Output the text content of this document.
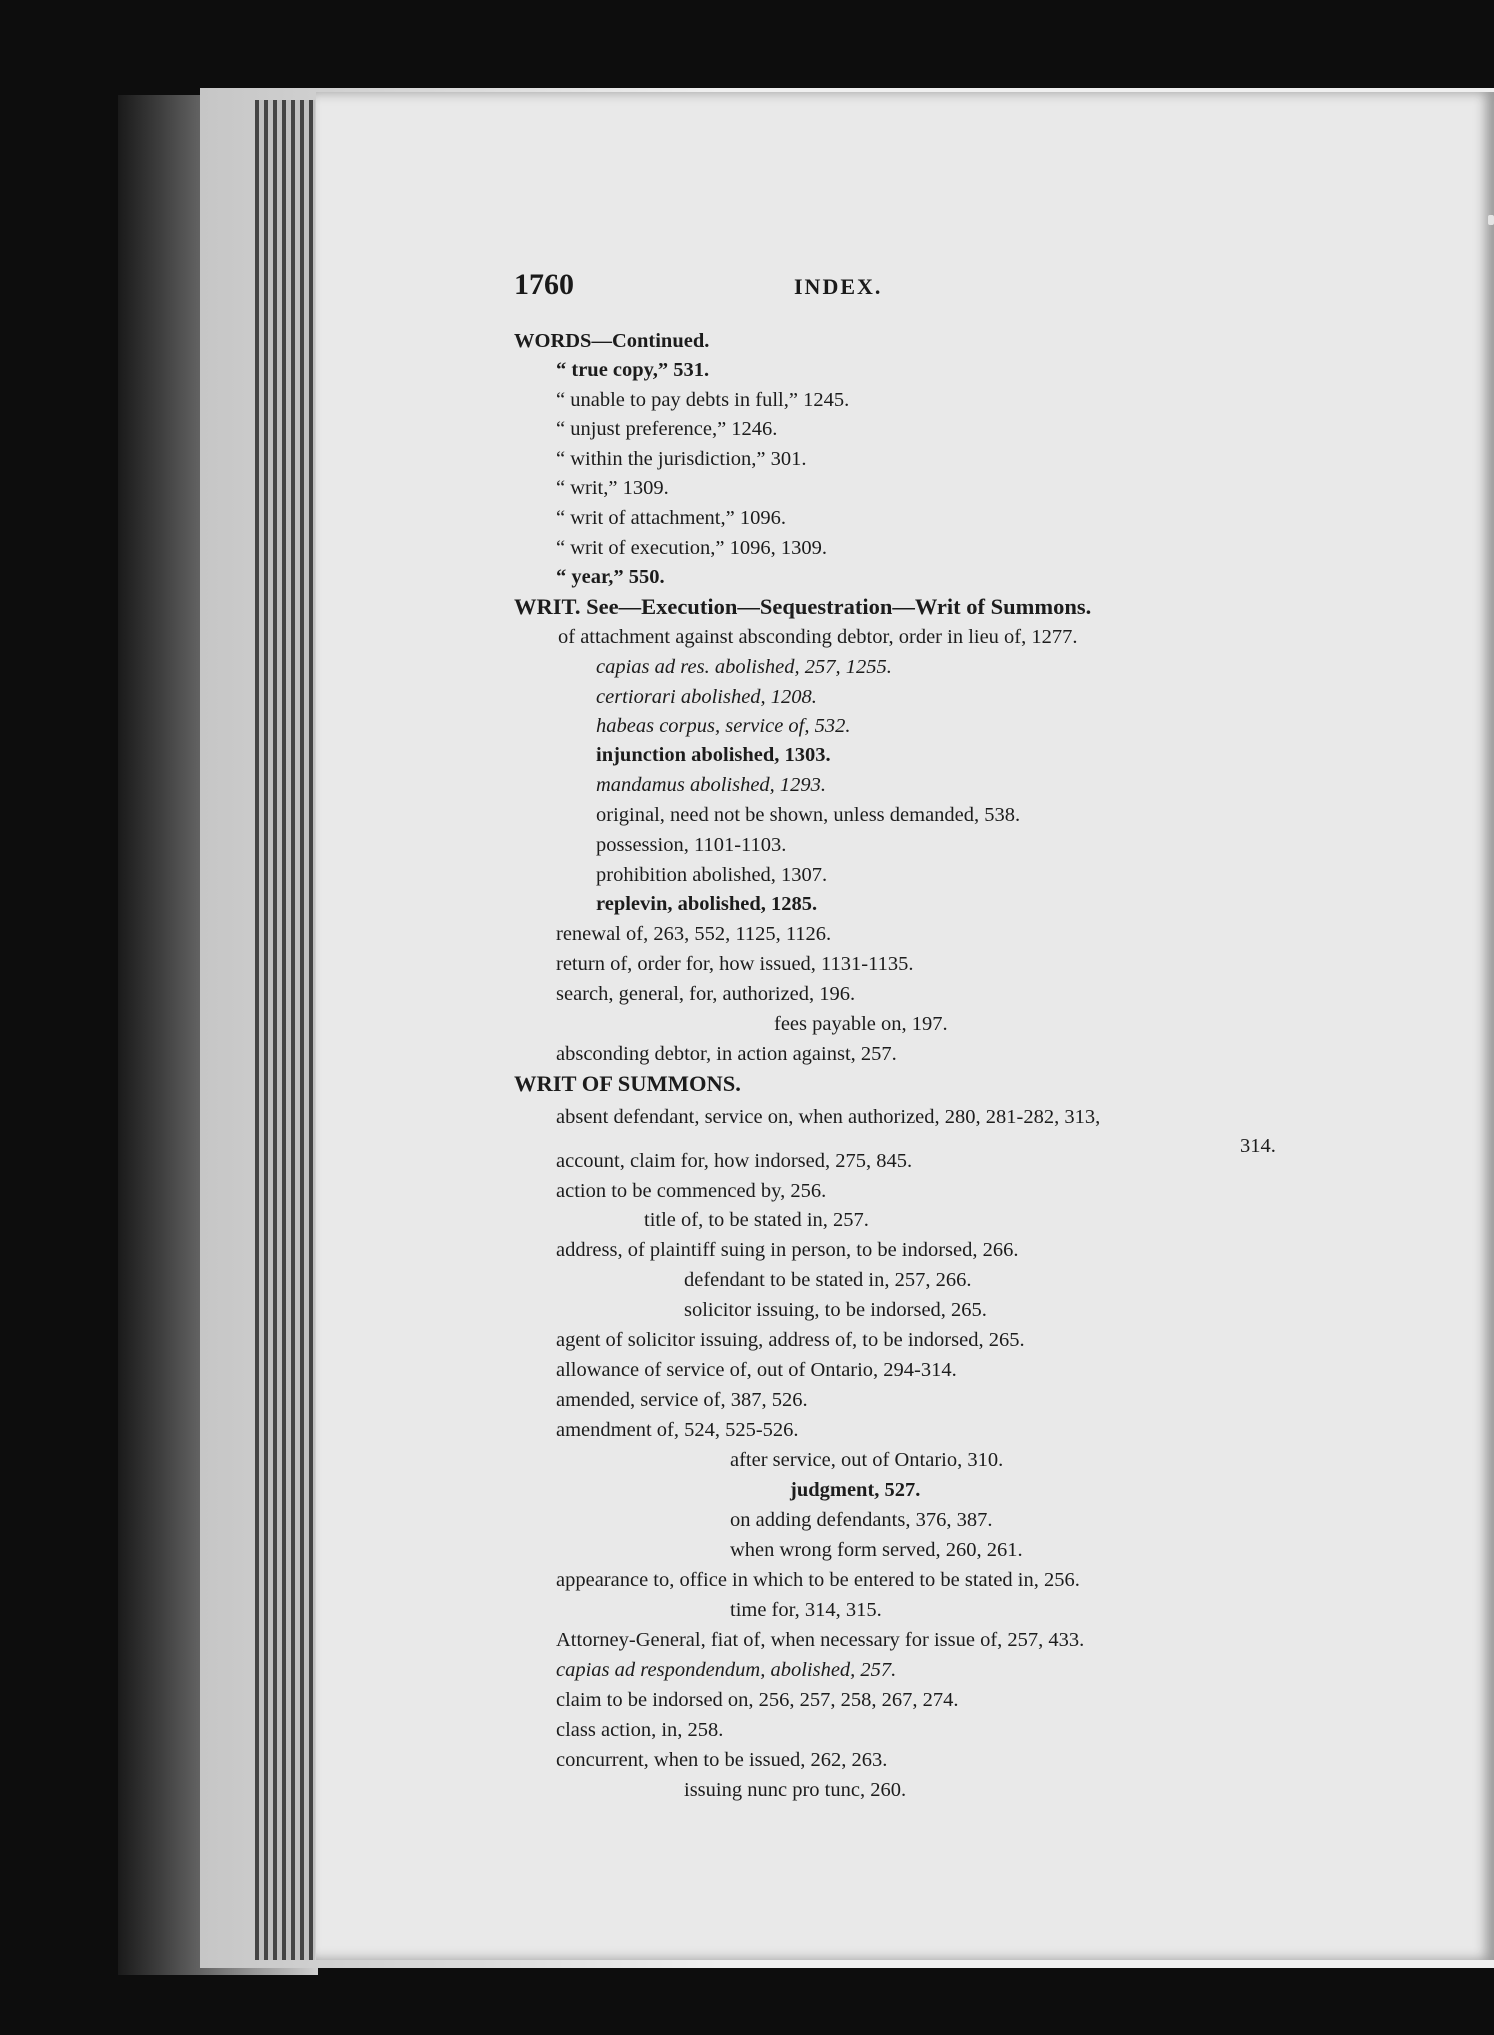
1760	INDEX.
WORDS—Continued.
“ true copy,” 531.
“ unable to pay debts in full,” 1245.
“ unjust preference,” 1246.
“ within the jurisdiction,” 301.
“ writ,” 1309.
“ writ of attachment,” 1096.
“ writ of execution,” 1096, 1309.
“ year,” 550.
WRIT. See—Execution—Sequestration—Writ of Summons.
of attachment against absconding debtor, order in lieu of, 1277.
capias ad res. abolished, 257, 1255.
certiorari abolished, 1208.
habeas corpus, service of, 532.
injunction abolished, 1303.
mandamus abolished, 1293.
original, need not be shown, unless demanded, 538.
possession, 1101-1103.
prohibition abolished, 1307.
replevin, abolished, 1285.
renewal of, 263, 552, 1125, 1126.
return of, order for, how issued, 1131-1135.
search, general, for, authorized, 196.
fees payable on, 197.
absconding debtor, in action against, 257.
WRIT OF SUMMONS.
absent defendant, service on, when authorized, 280, 281-282, 313,
314.
account, claim for, how indorsed, 275, 845.
action to be commenced by, 256.
title of, to be stated in, 257.
address, of plaintiff suing in person, to be indorsed, 266.
defendant to be stated in, 257, 266.
solicitor issuing, to be indorsed, 265.
agent of solicitor issuing, address of, to be indorsed, 265.
allowance of service of, out of Ontario, 294-314.
amended, service of, 387, 526.
amendment of, 524, 525-526.
after service, out of Ontario, 310.
judgment, 527.
on adding defendants, 376, 387.
when wrong form served, 260, 261.
appearance to, office in which to be entered to be stated in, 256.
time for, 314, 315.
Attorney-General, fiat of, when necessary for issue of, 257, 433.
capias ad respondendum, abolished, 257.
claim to be indorsed on, 256, 257, 258, 267, 274.
class action, in, 258.
concurrent, when to be issued, 262, 263.
issuing nunc pro tunc, 260.
